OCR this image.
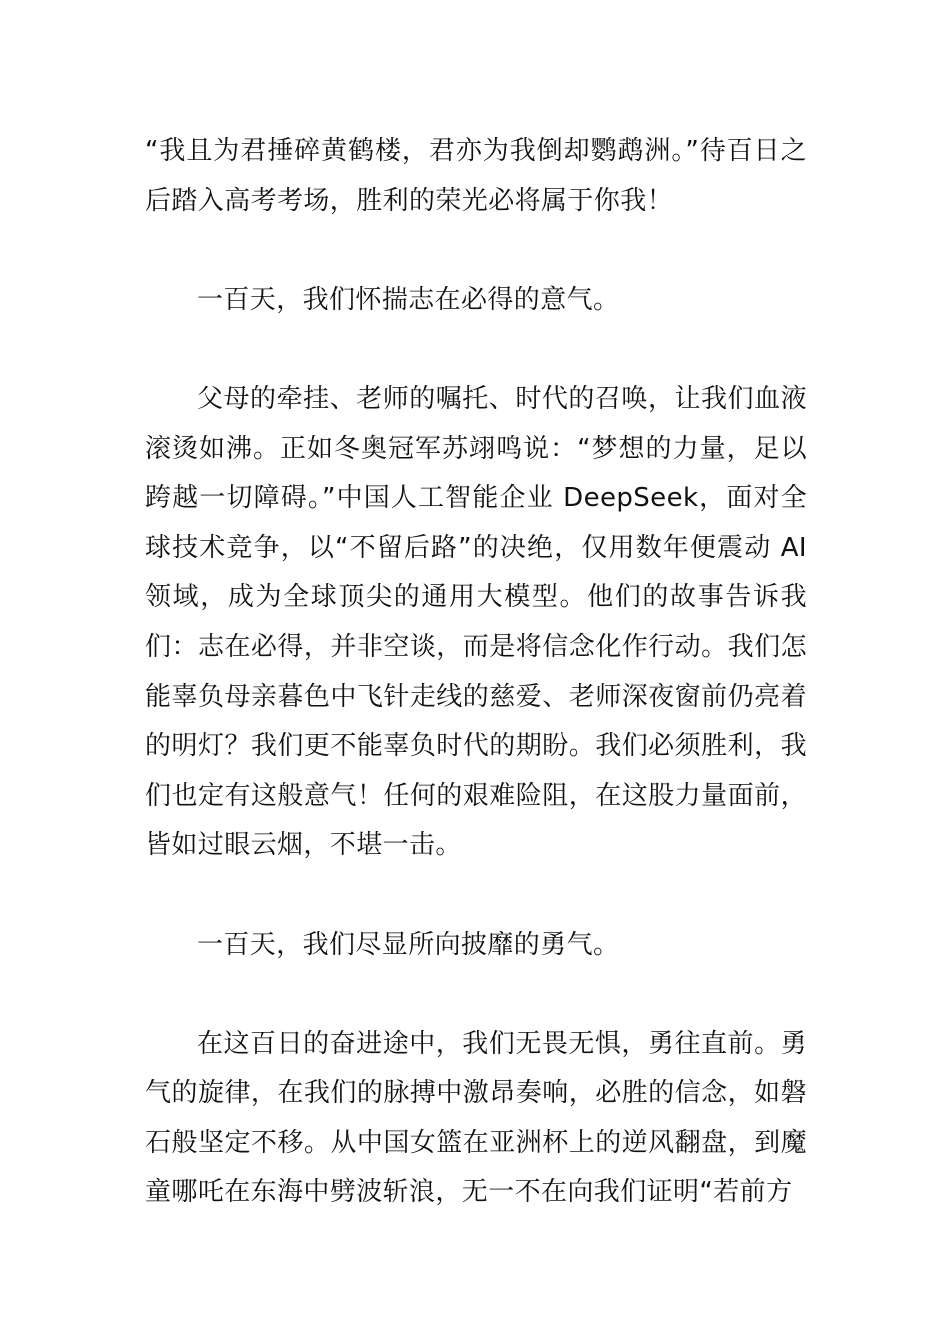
“我且为君捶碎黄鹤楼，君亦为我倒却鹦鹉洲。”待百日之后踏入高考考场，胜利的荣光必将属于你我！

一百天，我们怀揣志在必得的意气。

父母的牵挂、老师的嘱托、时代的召唤，让我们血液滚烫如沸。正如冬奥冠军苏翊鸣说：“梦想的力量，足以跨越一切障碍。”中国人工智能企业 DeepSeek，面对全球技术竞争，以“不留后路”的决绝，仅用数年便震动 AI 领域，成为全球顶尖的通用大模型。他们的故事告诉我们：志在必得，并非空谈，而是将信念化作行动。我们怎能辜负母亲暮色中飞针走线的慈爱、老师深夜窗前仍亮着的明灯？我们更不能辜负时代的期盼。我们必须胜利，我们也定有这般意气！任何的艰难险阻，在这股力量面前，皆如过眼云烟，不堪一击。

一百天，我们尽显所向披靡的勇气。

在这百日的奋进途中，我们无畏无惧，勇往直前。勇气的旋律，在我们的脉搏中激昂奏响，必胜的信念，如磐石般坚定不移。从中国女篮在亚洲杯上的逆风翻盘，到魔童哪吒在东海中劈波斩浪，无一不在向我们证明“若前方
